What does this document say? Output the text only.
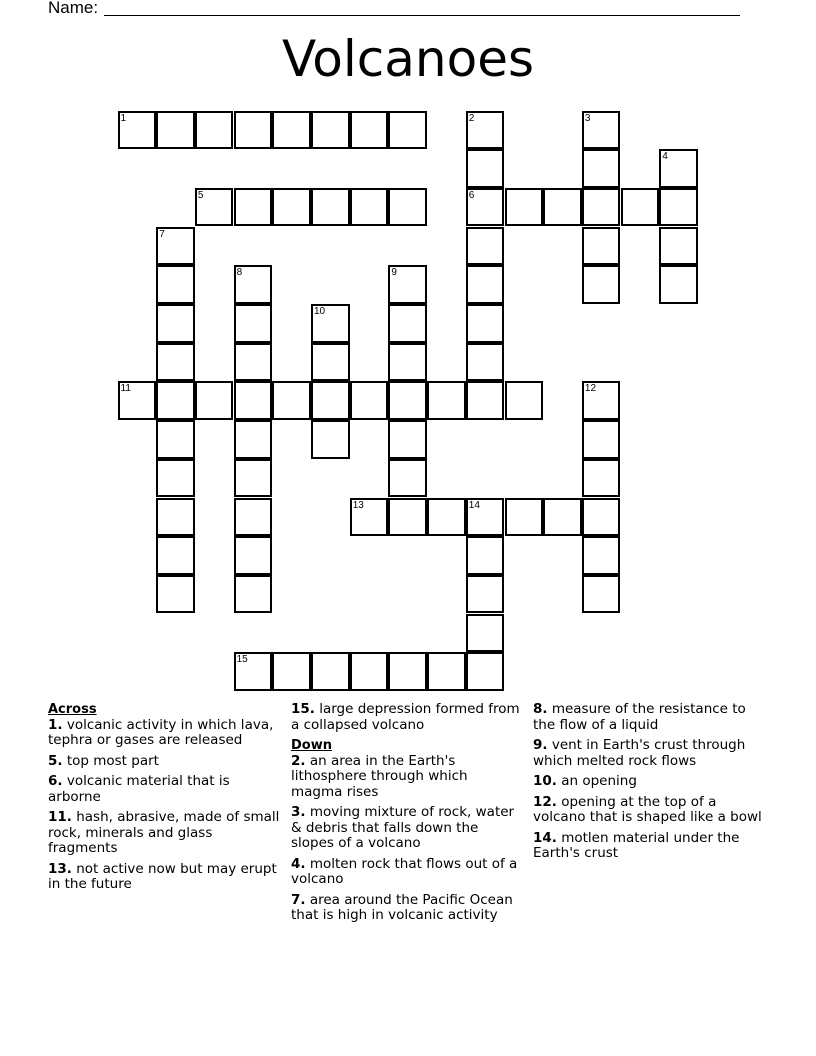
Name:
Volcanoes
1	2	3
4
5	6
7
8	9
10
11	12
13	14
15
Across
1. volcanic activity in which lava, tephra or gases are released
5. top most part
6. volcanic material that is arborne
11. hash, abrasive, made of small rock, minerals and glass fragments
13. not active now but may erupt in the future
15. large depression formed from a collapsed volcano
Down
2. an area in the Earth's lithosphere through which magma rises
3. moving mixture of rock, water & debris that falls down the slopes of a volcano
4. molten rock that flows out of a volcano
7. area around the Pacific Ocean that is high in volcanic activity
8. measure of the resistance to the flow of a liquid
9. vent in Earth's crust through which melted rock flows
10. an opening
12. opening at the top of a volcano that is shaped like a bowl
14. motlen material under the Earth's crust
